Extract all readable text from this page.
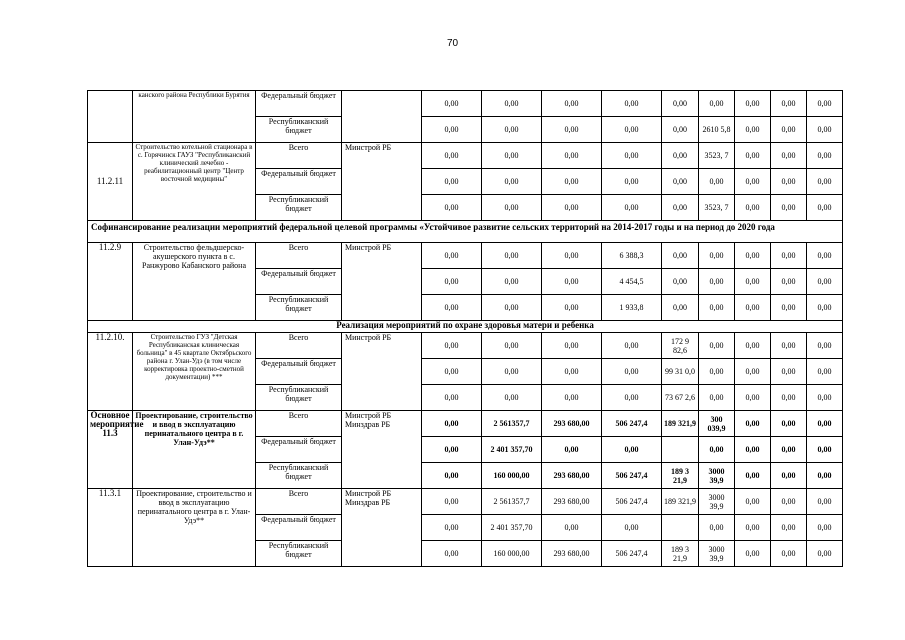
70
	канского района Республики Бурятия	Федеральный бюджет		0,00	0,00	0,00	0,00	0,00	0,00	0,00	0,00	0,00
		Республиканский бюджет		0,00	0,00	0,00	0,00	0,00	2610 5,8	0,00	0,00	0,00
11.2.11	Строительство котельной стационара в с. Горячинск ГАУЗ "Республиканский клинический лечебно - реабилитационный центр "Центр восточной медицины"	Всего	Минстрой РБ	0,00	0,00	0,00	0,00	0,00	3523, 7	0,00	0,00	0,00
		Федеральный бюджет		0,00	0,00	0,00	0,00	0,00	0,00	0,00	0,00	0,00
		Республиканский бюджет		0,00	0,00	0,00	0,00	0,00	3523, 7	0,00	0,00	0,00
Софинансирование реализации мероприятий федеральной целевой программы «Устойчивое развитие сельских территорий на 2014-2017 годы и на период до 2020 года												
11.2.9	Строительство фельдшерско-акушерского пункта в с. Ранжурово Кабанского района	Всего	Минстрой РБ	0,00	0,00	0,00	6 388,3	0,00	0,00	0,00	0,00	0,00
		Федеральный бюджет		0,00	0,00	0,00	4 454,5	0,00	0,00	0,00	0,00	0,00
		Республиканский бюджет		0,00	0,00	0,00	1 933,8	0,00	0,00	0,00	0,00	0,00
Реализация мероприятий по охране здоровья матери и ребенка												
11.2.10.	Строительство ГУЗ "Детская Республиканская клиническая больница" в 45 квартале Октябрьского района г. Улан-Удэ (в том числе корректировка проектно-сметной документации) ***	Всего	Минстрой РБ	0,00	0,00	0,00	0,00	172 9 82,6	0,00	0,00	0,00	0,00
		Федеральный бюджет		0,00	0,00	0,00	0,00	99 31 0,0	0,00	0,00	0,00	0,00
		Республиканский бюджет		0,00	0,00	0,00	0,00	73 67 2,6	0,00	0,00	0,00	0,00
Основное мероприятие 11.3	Проектирование, строительство и ввод в эксплуатацию перинатального центра в г. Улан-Удэ**	Всего	Минстрой РБ Минздрав РБ	0,00	2 561357,7	293 680,00	506 247,4	189 321,9	300 039,9	0,00	0,00	0,00
		Федеральный бюджет		0,00	2 401 357,70	0,00	0,00		0,00	0,00	0,00	0,00
		Республиканский бюджет		0,00	160 000,00	293 680,00	506 247,4	189 3 21,9	3000 39,9	0,00	0,00	0,00
11.3.1	Проектирование, строительство и ввод в эксплуатацию перинатального центра в г. Улан-Удэ**	Всего	Минстрой РБ Минздрав РБ	0,00	2 561357,7	293 680,00	506 247,4	189 321,9	3000 39,9	0,00	0,00	0,00
		Федеральный бюджет		0,00	2 401 357,70	0,00	0,00		0,00	0,00	0,00	0,00
		Республиканский бюджет		0,00	160 000,00	293 680,00	506 247,4	189 3 21,9	3000 39,9	0,00	0,00	0,00
